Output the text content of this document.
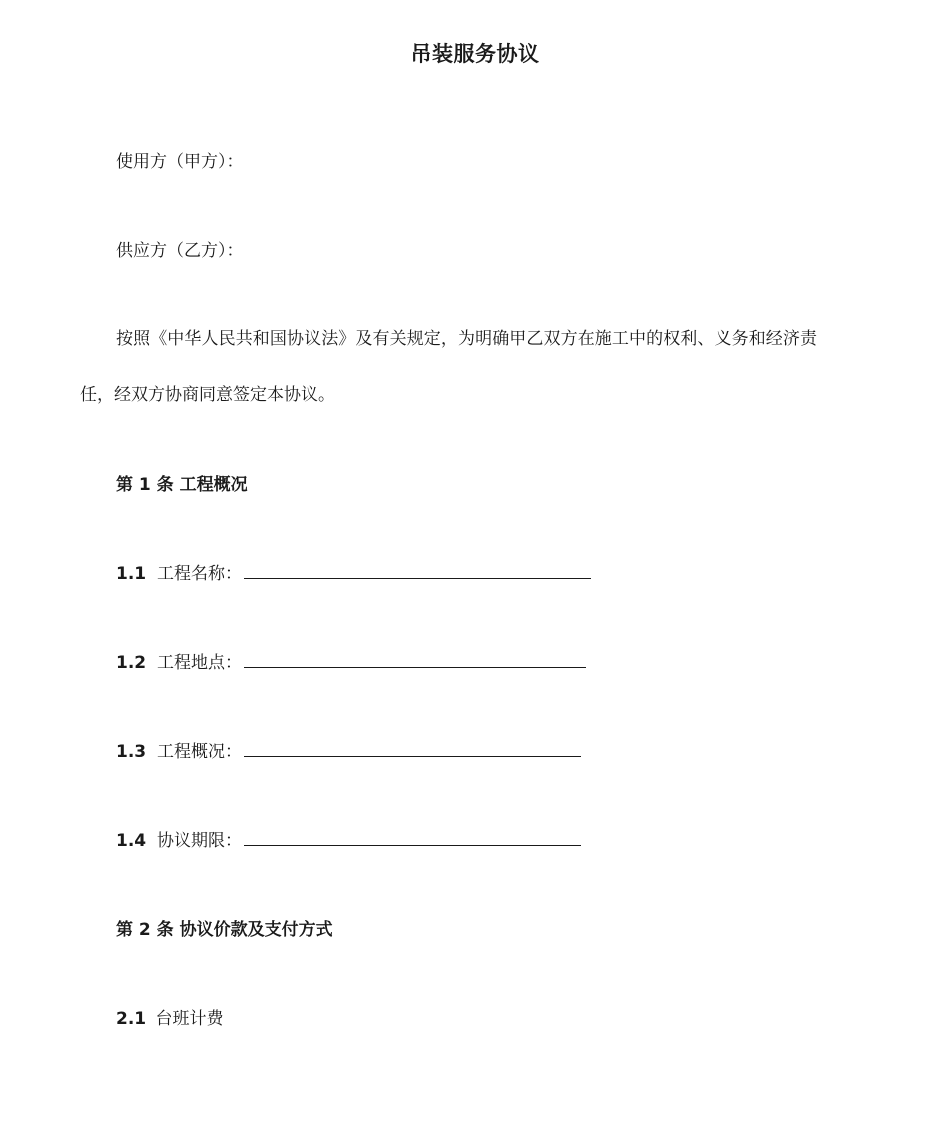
吊装服务协议
使用方（甲方）：
供应方（乙方）：
按照《中华人民共和国协议法》及有关规定，为明确甲乙双方在施工中的权利、义务和经济责
任，经双方协商同意签定本协议。
第 1 条 工程概况
1.1 工程名称：
1.2 工程地点：
1.3 工程概况：
1.4 协议期限：
第 2 条 协议价款及支付方式
2.1 台班计费
